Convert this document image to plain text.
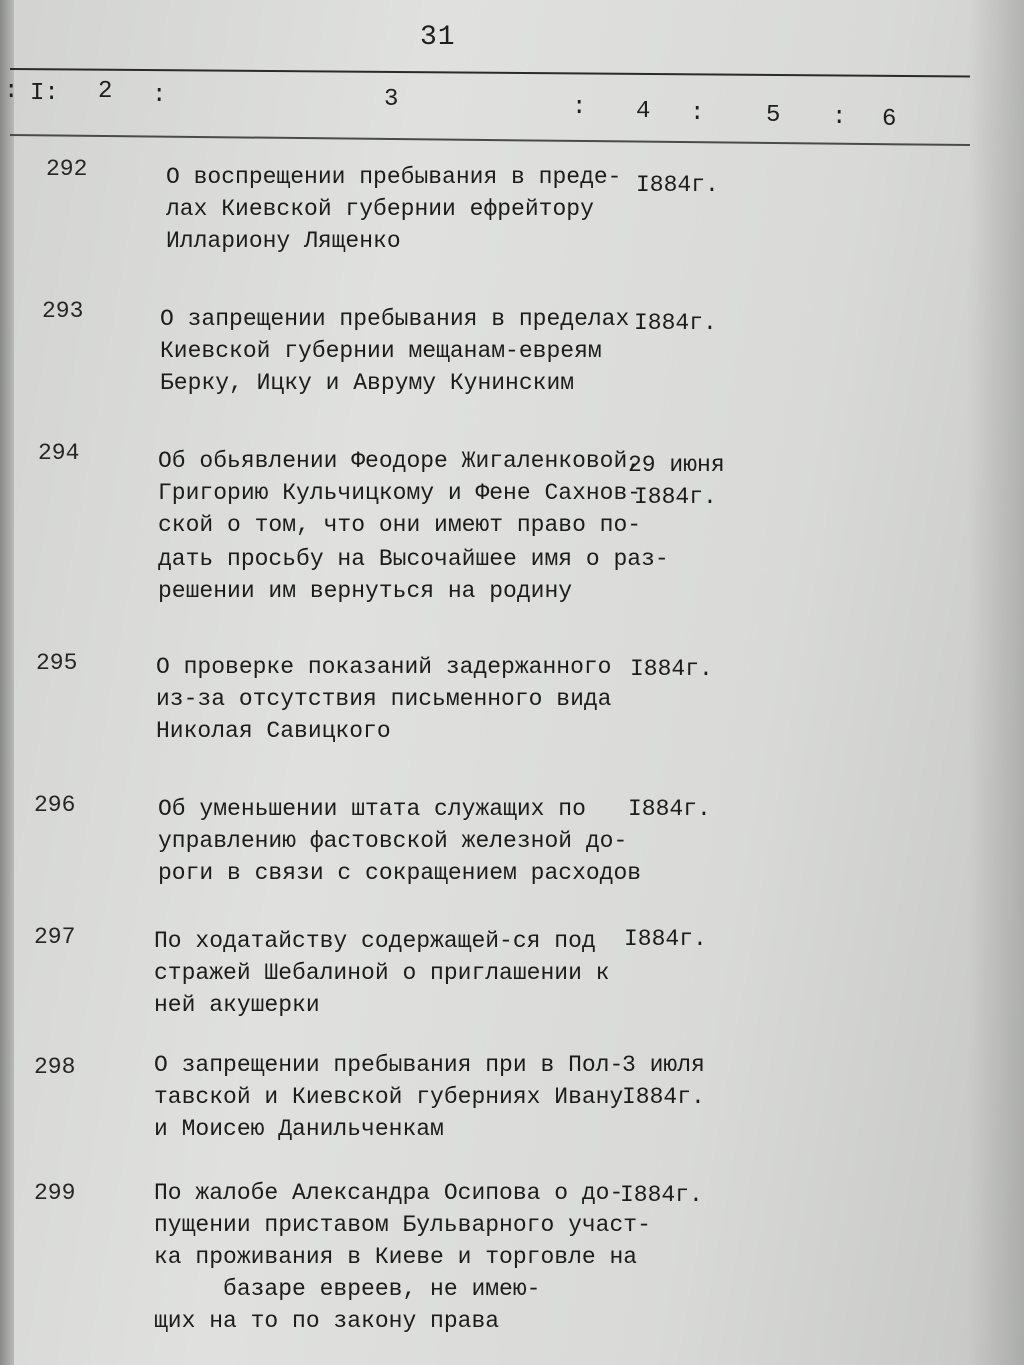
31
: I: 2 :	3	: 4 :	5 : 6
292	О воспрещении пребывания в преде-
лах Киевской губернии ефрейтору
Иллариону Лященко
I884г.
293	О запрещении пребывания в пределах
Киевской губернии мещанам-евреям
Берку, Ицку и Авруму Кунинским
I884г.
294	Об обьявлении Феодоре Жигаленковой,
Григорию Кульчицкому и Фене Сахнов-
ской о том, что они имеют право по-
дать просьбу на Высочайшее имя о раз-
решении им вернуться на родину
29 июня
I884г.
295	О проверке показаний задержанного
из-за отсутствия письменного вида
Николая Савицкого
I884г.
296	Об уменьшении штата служащих по
управлению фастовской железной до-
роги в связи с сокращением расходов
I884г.
297	По ходатайству содержащей-ся под
стражей Шебалиной о приглашении к
ней акушерки
I884г.
298	О запрещении пребывания при в Пол-
тавской и Киевской губерниях Ивану
и Моисею Данильченкам
3 июля
I884г.
299	По жалобе Александра Осипова о до-
пущении приставом Бульварного участ-
ка проживания в Киеве и торговле на
базаре евреев, не имею-
щих на то по закону права
I884г.
